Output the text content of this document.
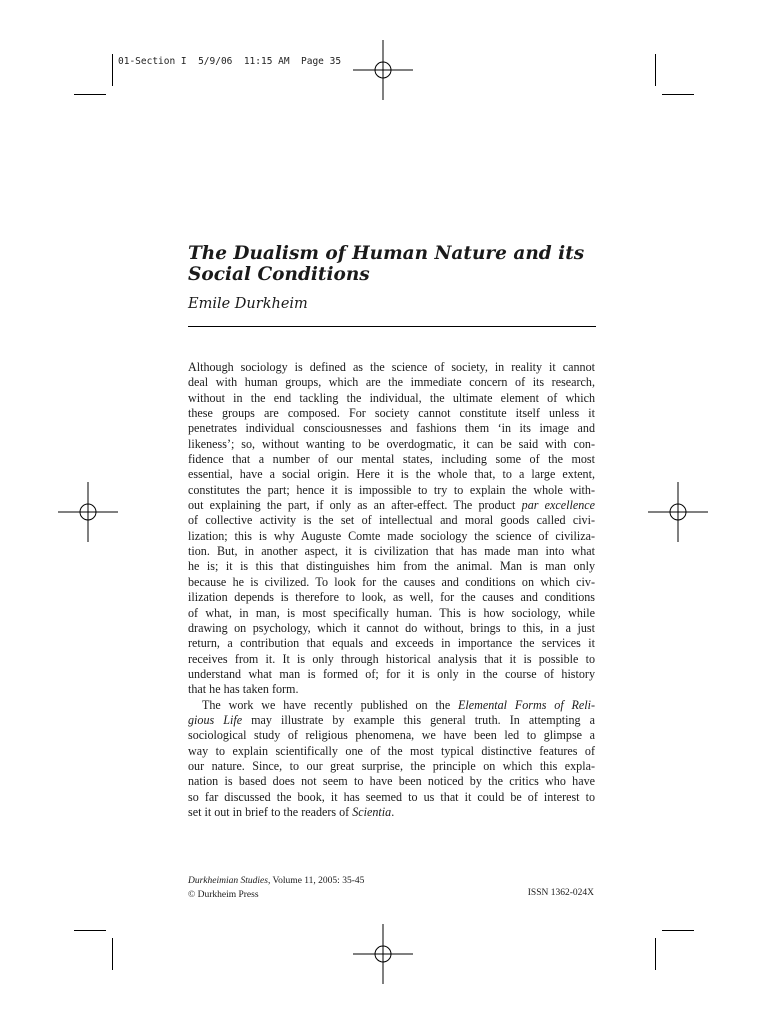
01-Section I  5/9/06  11:15 AM  Page 35
The Dualism of Human Nature and its Social Conditions

Emile Durkheim

Although sociology is defined as the science of society, in reality it cannot
deal with human groups, which are the immediate concern of its research,
without in the end tackling the individual, the ultimate element of which
these groups are composed. For society cannot constitute itself unless it
penetrates individual consciousnesses and fashions them ‘in its image and
likeness’; so, without wanting to be overdogmatic, it can be said with con-
fidence that a number of our mental states, including some of the most
essential, have a social origin. Here it is the whole that, to a large extent,
constitutes the part; hence it is impossible to try to explain the whole with-
out explaining the part, if only as an after-effect. The product par excellence
of collective activity is the set of intellectual and moral goods called civi-
lization; this is why Auguste Comte made sociology the science of civiliza-
tion. But, in another aspect, it is civilization that has made man into what
he is; it is this that distinguishes him from the animal. Man is man only
because he is civilized. To look for the causes and conditions on which civ-
ilization depends is therefore to look, as well, for the causes and conditions
of what, in man, is most specifically human. This is how sociology, while
drawing on psychology, which it cannot do without, brings to this, in a just
return, a contribution that equals and exceeds in importance the services it
receives from it. It is only through historical analysis that it is possible to
understand what man is formed of; for it is only in the course of history
that he has taken form.
The work we have recently published on the Elemental Forms of Reli-
gious Life may illustrate by example this general truth. In attempting a
sociological study of religious phenomena, we have been led to glimpse a
way to explain scientifically one of the most typical distinctive features of
our nature. Since, to our great surprise, the principle on which this expla-
nation is based does not seem to have been noticed by the critics who have
so far discussed the book, it has seemed to us that it could be of interest to
set it out in brief to the readers of Scientia.
Durkheimian Studies, Volume 11, 2005: 35-45
© Durkheim Press	ISSN 1362-024X
